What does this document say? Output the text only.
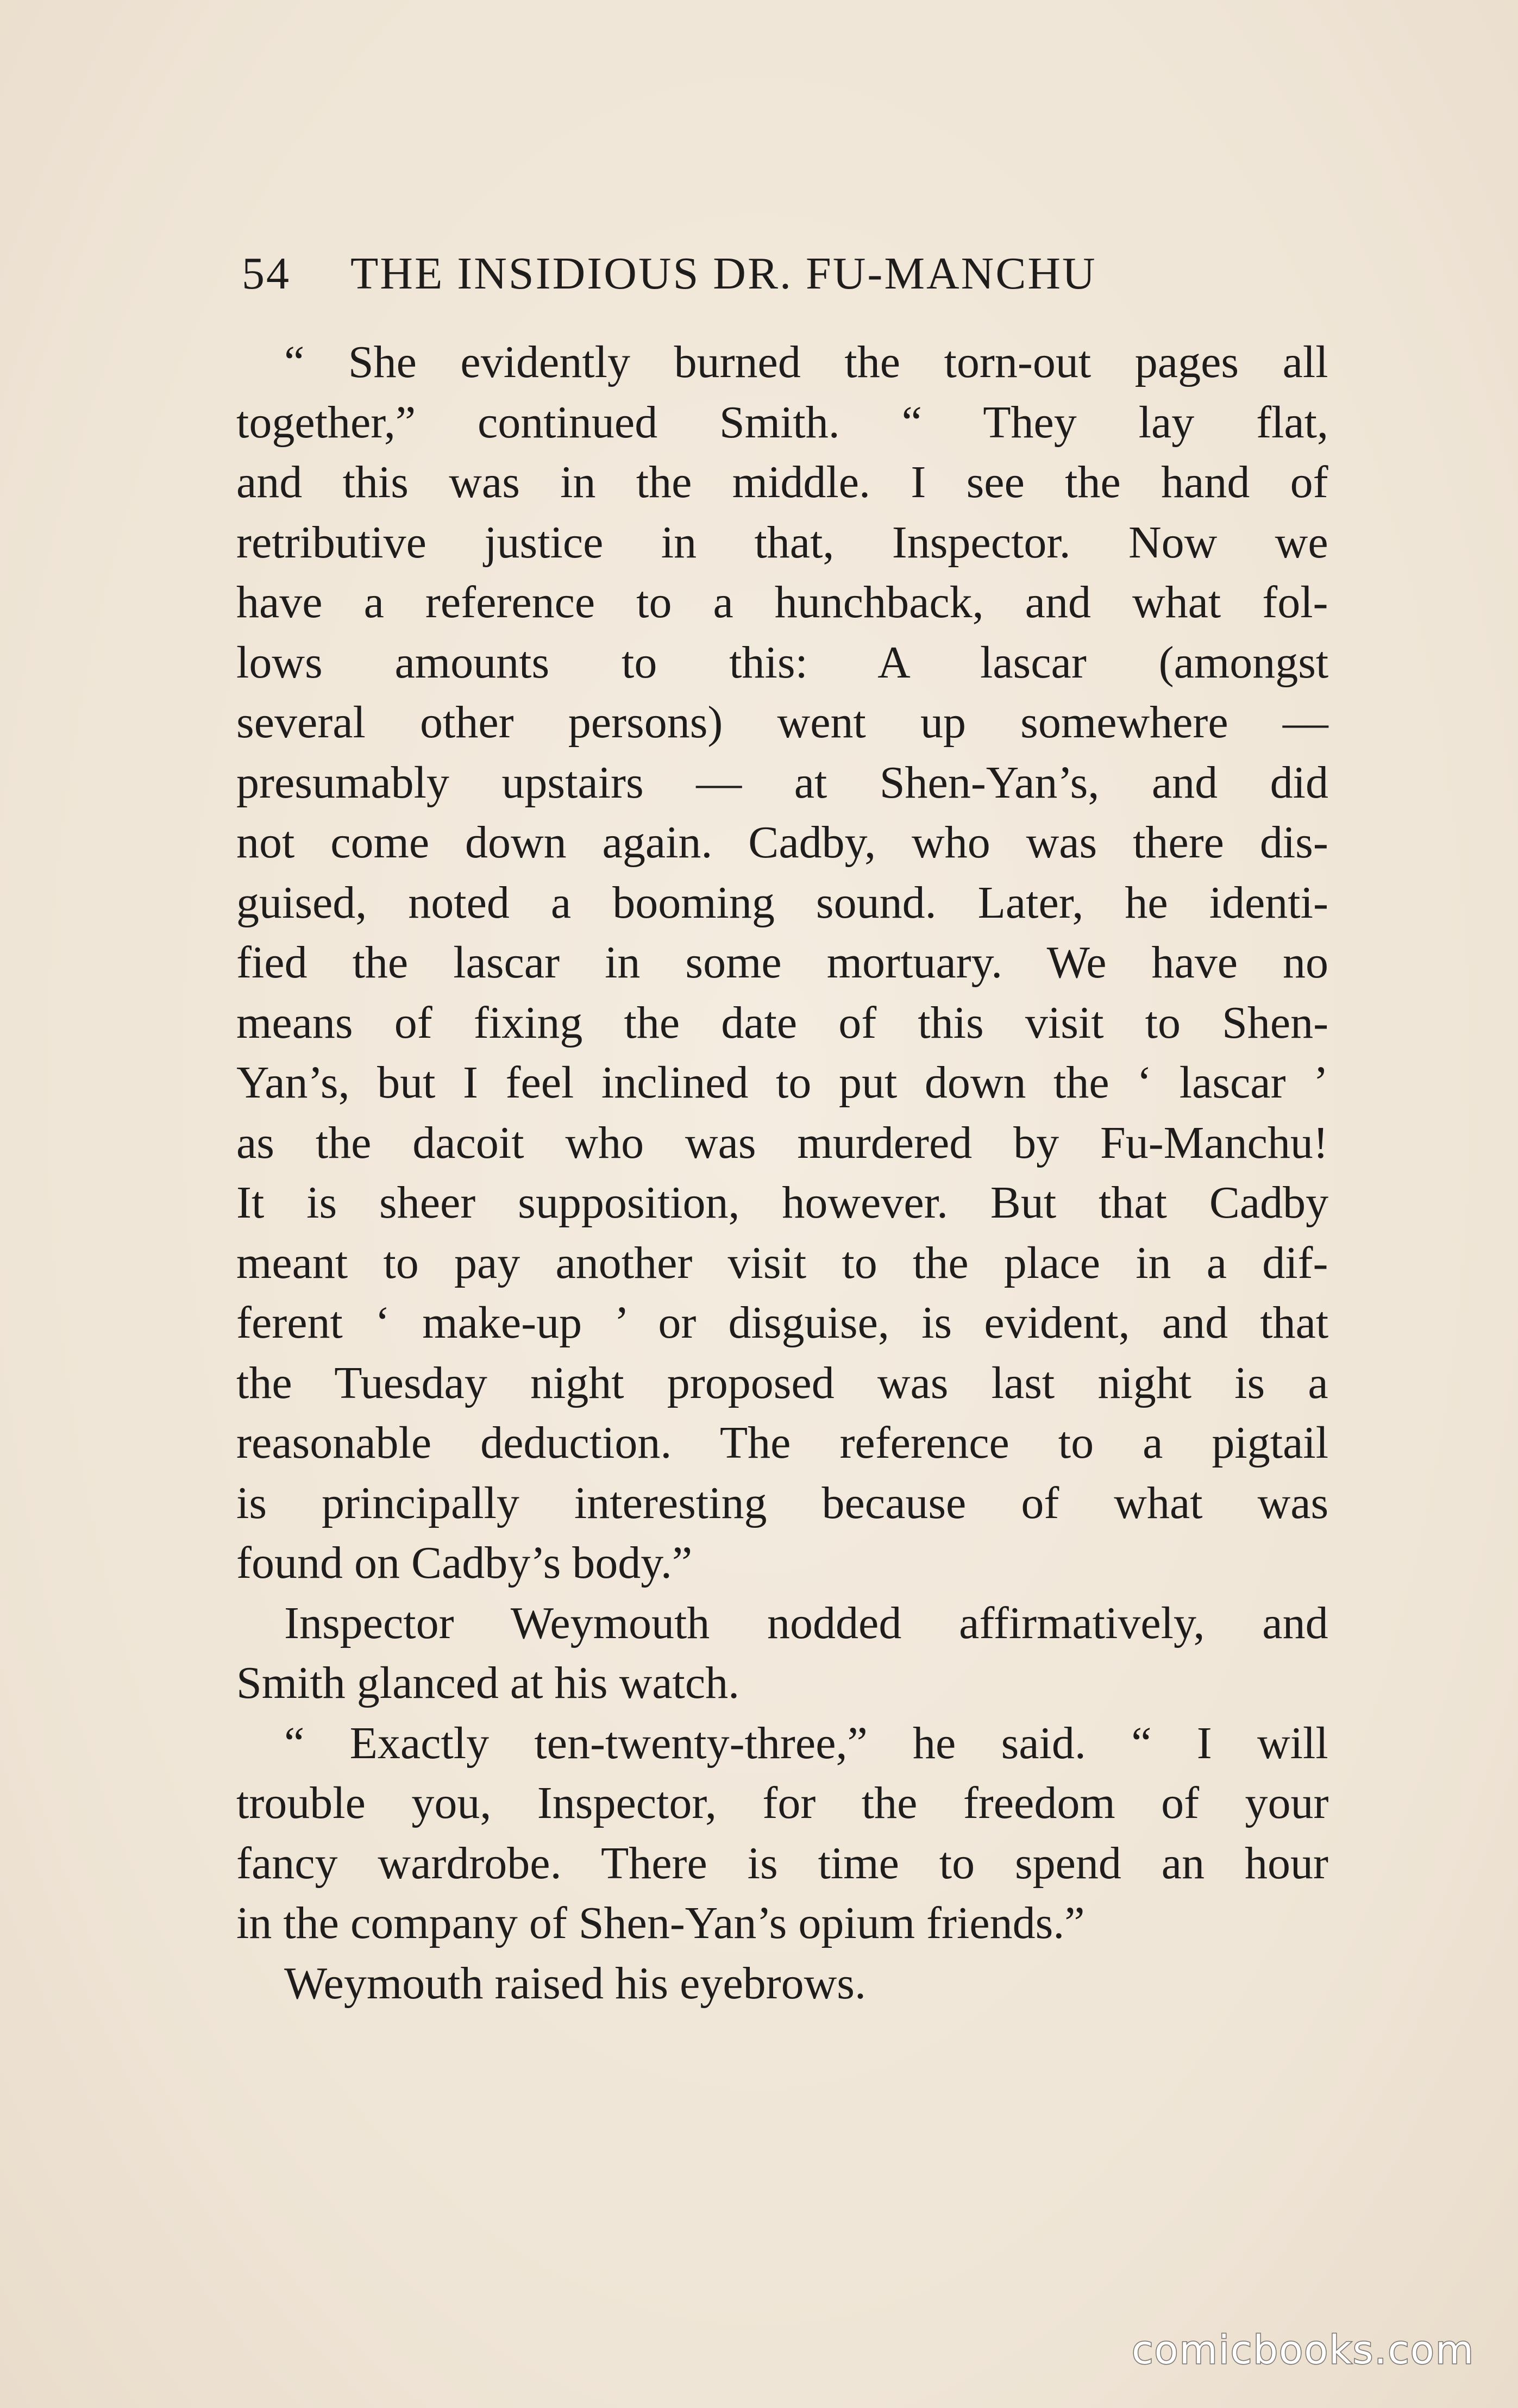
54 THE INSIDIOUS DR. FU-MANCHU
“ She evidently burned the torn-out pages all
together,” continued Smith. “ They lay flat,
and this was in the middle. I see the hand of
retributive justice in that, Inspector. Now we
have a reference to a hunchback, and what fol-
lows amounts to this: A lascar (amongst
several other persons) went up somewhere —
presumably upstairs — at Shen-Yan’s, and did
not come down again. Cadby, who was there dis-
guised, noted a booming sound. Later, he identi-
fied the lascar in some mortuary. We have no
means of fixing the date of this visit to Shen-
Yan’s, but I feel inclined to put down the ‘ lascar ’
as the dacoit who was murdered by Fu-Manchu!
It is sheer supposition, however. But that Cadby
meant to pay another visit to the place in a dif-
ferent ‘ make-up ’ or disguise, is evident, and that
the Tuesday night proposed was last night is a
reasonable deduction. The reference to a pigtail
is principally interesting because of what was
found on Cadby’s body.”
Inspector Weymouth nodded affirmatively, and
Smith glanced at his watch.
“ Exactly ten-twenty-three,” he said. “ I will
trouble you, Inspector, for the freedom of your
fancy wardrobe. There is time to spend an hour
in the company of Shen-Yan’s opium friends.”
Weymouth raised his eyebrows.
comicbooks.com
